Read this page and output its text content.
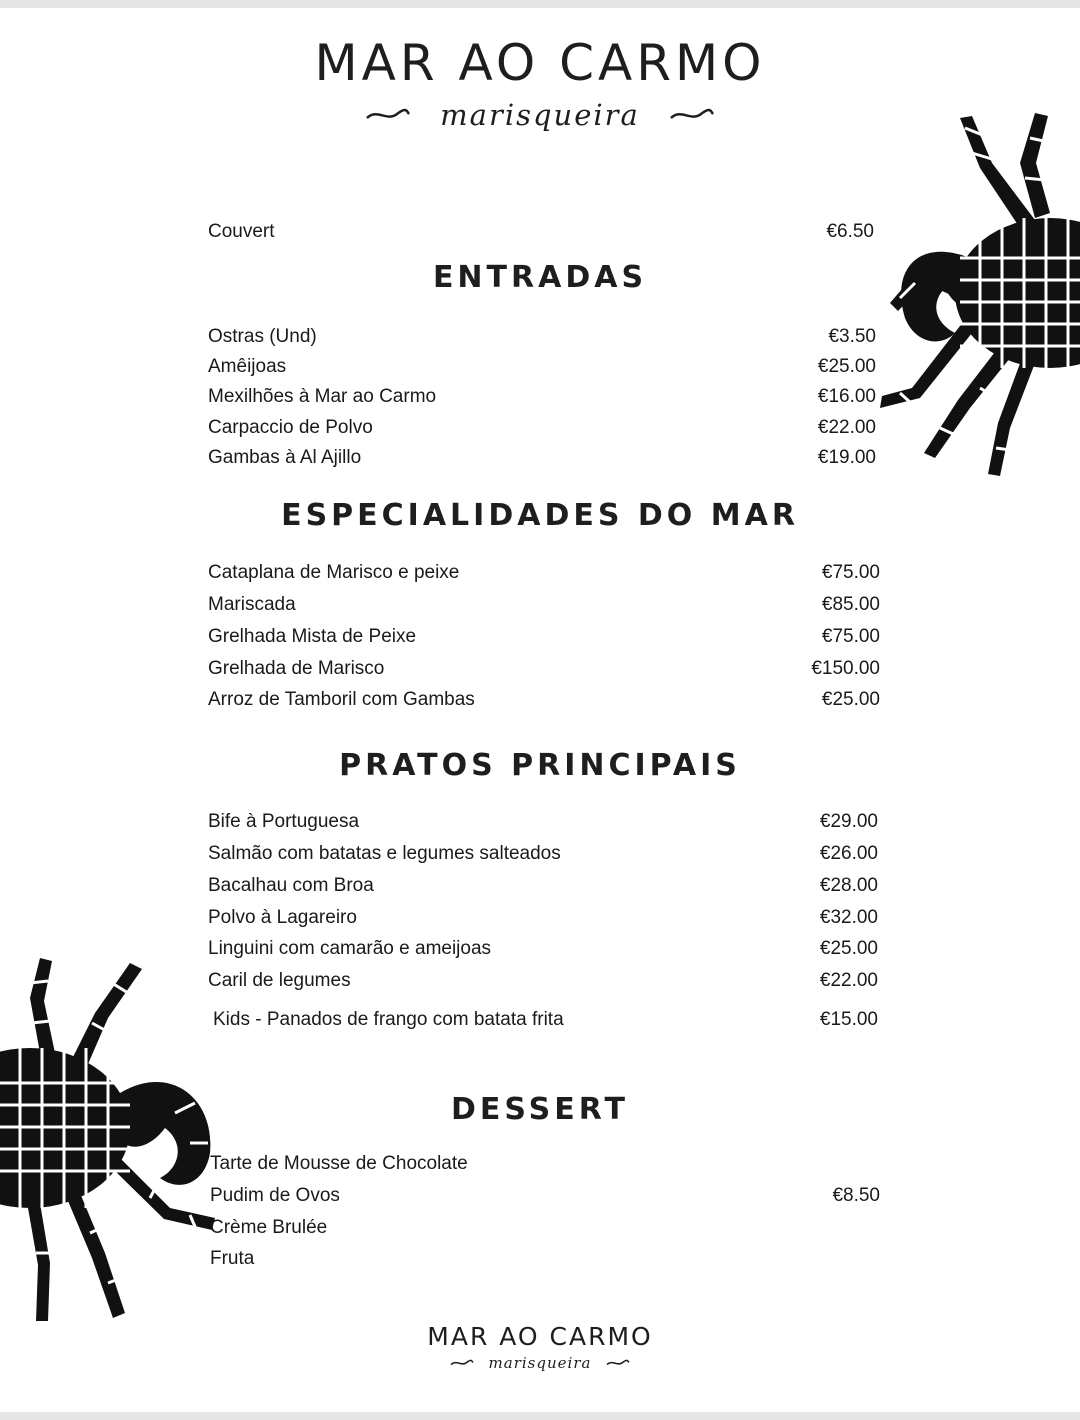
MAR AO CARMO
marisqueira
Couvert	€6.50
ENTRADAS
Ostras (Und)	€3.50
Amêijoas	€25.00
Mexilhões à Mar ao Carmo	€16.00
Carpaccio de Polvo	€22.00
Gambas à Al Ajillo	€19.00
ESPECIALIDADES DO MAR
Cataplana de Marisco e peixe	€75.00
Mariscada	€85.00
Grelhada Mista de Peixe	€75.00
Grelhada de Marisco	€150.00
Arroz de Tamboril com Gambas	€25.00
PRATOS PRINCIPAIS
Bife à Portuguesa	€29.00
Salmão com batatas e legumes salteados	€26.00
Bacalhau com Broa	€28.00
Polvo à Lagareiro	€32.00
Linguini com camarão e ameijoas	€25.00
Caril de legumes	€22.00
Kids - Panados de frango com batata frita	€15.00
DESSERT
Tarte de Mousse de Chocolate
Pudim de Ovos	€8.50
Crème Brulée
Fruta
MAR AO CARMO
marisqueira
